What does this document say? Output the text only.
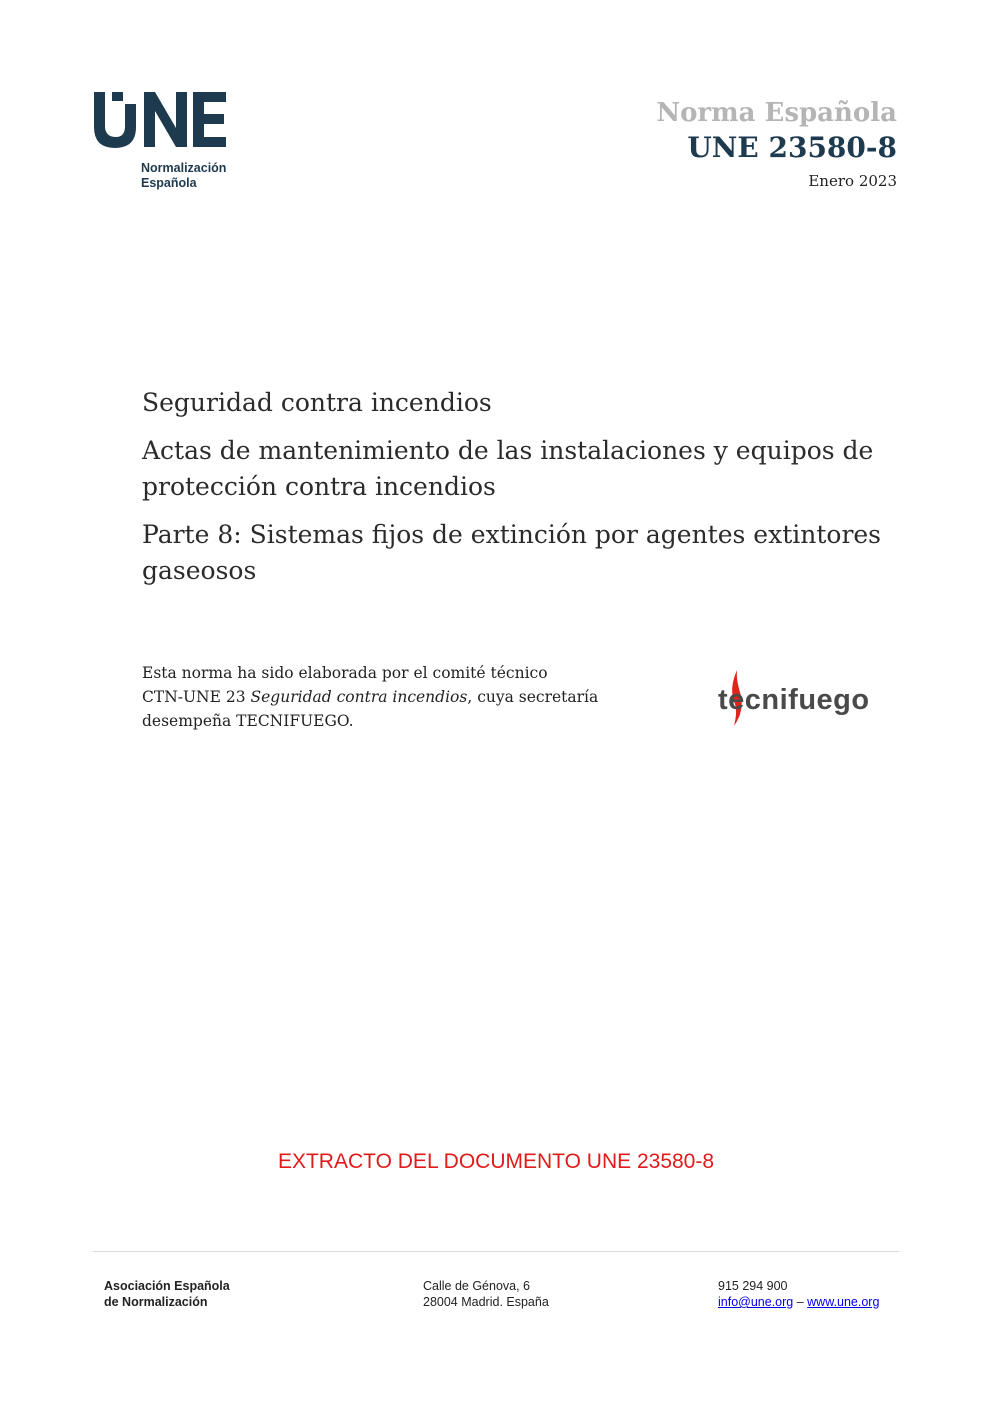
Normalización
Española
Norma Española
UNE 23580-8
Enero 2023

Seguridad contra incendios

Actas de mantenimiento de las instalaciones y equipos de protección contra incendios

Parte 8: Sistemas fijos de extinción por agentes extintores gaseosos

Esta norma ha sido elaborada por el comité técnico
CTN-UNE 23 Seguridad contra incendios, cuya secretaría
desempeña TECNIFUEGO.
tecnifuego
EXTRACTO DEL DOCUMENTO UNE 23580-8
Asociación Española
de Normalización
Calle de Génova, 6
28004 Madrid. España
915 294 900
info@une.org – www.une.org
